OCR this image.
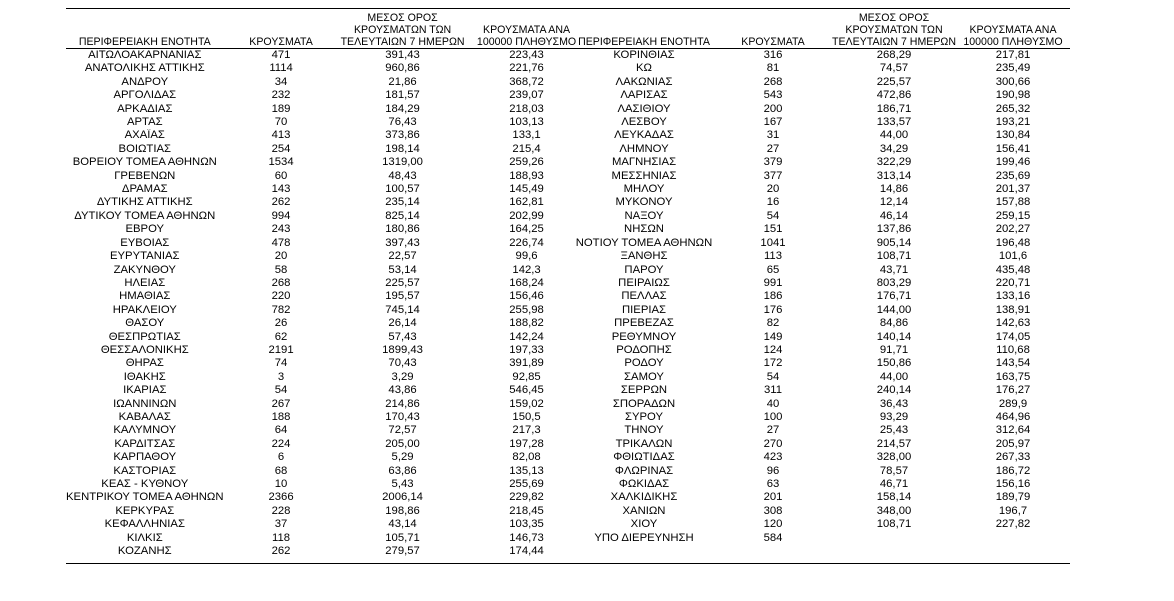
ΠΕΡΙΦΕΡΕΙΑΚΗ ΕΝΟΤΗΤΑ	ΚΡΟΥΣΜΑΤΑ	ΜΕΣΟΣ ΟΡΟΣ ΚΡΟΥΣΜΑΤΩΝ ΤΩΝ ΤΕΛΕΥΤΑΙΩΝ 7 ΗΜΕΡΩΝ	ΚΡΟΥΣΜΑΤΑ ΑΝΑ 100000 ΠΛΗΘΥΣΜΟ
ΑΙΤΩΛΟΑΚΑΡΝΑΝΙΑΣ	471	391,43	223,43
ΑΝΑΤΟΛΙΚΗΣ ΑΤΤΙΚΗΣ	1114	960,86	221,76
ΑΝΔΡΟΥ	34	21,86	368,72
ΑΡΓΟΛΙΔΑΣ	232	181,57	239,07
ΑΡΚΑΔΙΑΣ	189	184,29	218,03
ΑΡΤΑΣ	70	76,43	103,13
ΑΧΑΪΑΣ	413	373,86	133,1
ΒΟΙΩΤΙΑΣ	254	198,14	215,4
ΒΟΡΕΙΟΥ ΤΟΜΕΑ ΑΘΗΝΩΝ	1534	1319,00	259,26
ΓΡΕΒΕΝΩΝ	60	48,43	188,93
ΔΡΑΜΑΣ	143	100,57	145,49
ΔΥΤΙΚΗΣ ΑΤΤΙΚΗΣ	262	235,14	162,81
ΔΥΤΙΚΟΥ ΤΟΜΕΑ ΑΘΗΝΩΝ	994	825,14	202,99
ΕΒΡΟΥ	243	180,86	164,25
ΕΥΒΟΙΑΣ	478	397,43	226,74
ΕΥΡΥΤΑΝΙΑΣ	20	22,57	99,6
ΖΑΚΥΝΘΟΥ	58	53,14	142,3
ΗΛΕΙΑΣ	268	225,57	168,24
ΗΜΑΘΙΑΣ	220	195,57	156,46
ΗΡΑΚΛΕΙΟΥ	782	745,14	255,98
ΘΑΣΟΥ	26	26,14	188,82
ΘΕΣΠΡΩΤΙΑΣ	62	57,43	142,24
ΘΕΣΣΑΛΟΝΙΚΗΣ	2191	1899,43	197,33
ΘΗΡΑΣ	74	70,43	391,89
ΙΘΑΚΗΣ	3	3,29	92,85
ΙΚΑΡΙΑΣ	54	43,86	546,45
ΙΩΑΝΝΙΝΩΝ	267	214,86	159,02
ΚΑΒΑΛΑΣ	188	170,43	150,5
ΚΑΛΥΜΝΟΥ	64	72,57	217,3
ΚΑΡΔΙΤΣΑΣ	224	205,00	197,28
ΚΑΡΠΑΘΟΥ	6	5,29	82,08
ΚΑΣΤΟΡΙΑΣ	68	63,86	135,13
ΚΕΑΣ - ΚΥΘΝΟΥ	10	5,43	255,69
ΚΕΝΤΡΙΚΟΥ ΤΟΜΕΑ ΑΘΗΝΩΝ	2366	2006,14	229,82
ΚΕΡΚΥΡΑΣ	228	198,86	218,45
ΚΕΦΑΛΛΗΝΙΑΣ	37	43,14	103,35
ΚΙΛΚΙΣ	118	105,71	146,73
ΚΟΖΑΝΗΣ	262	279,57	174,44
ΠΕΡΙΦΕΡΕΙΑΚΗ ΕΝΟΤΗΤΑ	ΚΡΟΥΣΜΑΤΑ	ΜΕΣΟΣ ΟΡΟΣ ΚΡΟΥΣΜΑΤΩΝ ΤΩΝ ΤΕΛΕΥΤΑΙΩΝ 7 ΗΜΕΡΩΝ	ΚΡΟΥΣΜΑΤΑ ΑΝΑ 100000 ΠΛΗΘΥΣΜΟ
ΚΟΡΙΝΘΙΑΣ	316	268,29	217,81
ΚΩ	81	74,57	235,49
ΛΑΚΩΝΙΑΣ	268	225,57	300,66
ΛΑΡΙΣΑΣ	543	472,86	190,98
ΛΑΣΙΘΙΟΥ	200	186,71	265,32
ΛΕΣΒΟΥ	167	133,57	193,21
ΛΕΥΚΑΔΑΣ	31	44,00	130,84
ΛΗΜΝΟΥ	27	34,29	156,41
ΜΑΓΝΗΣΙΑΣ	379	322,29	199,46
ΜΕΣΣΗΝΙΑΣ	377	313,14	235,69
ΜΗΛΟΥ	20	14,86	201,37
ΜΥΚΟΝΟΥ	16	12,14	157,88
ΝΑΞΟΥ	54	46,14	259,15
ΝΗΣΩΝ	151	137,86	202,27
ΝΟΤΙΟΥ ΤΟΜΕΑ ΑΘΗΝΩΝ	1041	905,14	196,48
ΞΑΝΘΗΣ	113	108,71	101,6
ΠΑΡΟΥ	65	43,71	435,48
ΠΕΙΡΑΙΩΣ	991	803,29	220,71
ΠΕΛΛΑΣ	186	176,71	133,16
ΠΙΕΡΙΑΣ	176	144,00	138,91
ΠΡΕΒΕΖΑΣ	82	84,86	142,63
ΡΕΘΥΜΝΟΥ	149	140,14	174,05
ΡΟΔΟΠΗΣ	124	91,71	110,68
ΡΟΔΟΥ	172	150,86	143,54
ΣΑΜΟΥ	54	44,00	163,75
ΣΕΡΡΩΝ	311	240,14	176,27
ΣΠΟΡΑΔΩΝ	40	36,43	289,9
ΣΥΡΟΥ	100	93,29	464,96
ΤΗΝΟΥ	27	25,43	312,64
ΤΡΙΚΑΛΩΝ	270	214,57	205,97
ΦΘΙΩΤΙΔΑΣ	423	328,00	267,33
ΦΛΩΡΙΝΑΣ	96	78,57	186,72
ΦΩΚΙΔΑΣ	63	46,71	156,16
ΧΑΛΚΙΔΙΚΗΣ	201	158,14	189,79
ΧΑΝΙΩΝ	308	348,00	196,7
ΧΙΟΥ	120	108,71	227,82
ΥΠΟ ΔΙΕΡΕΥΝΗΣΗ	584		
